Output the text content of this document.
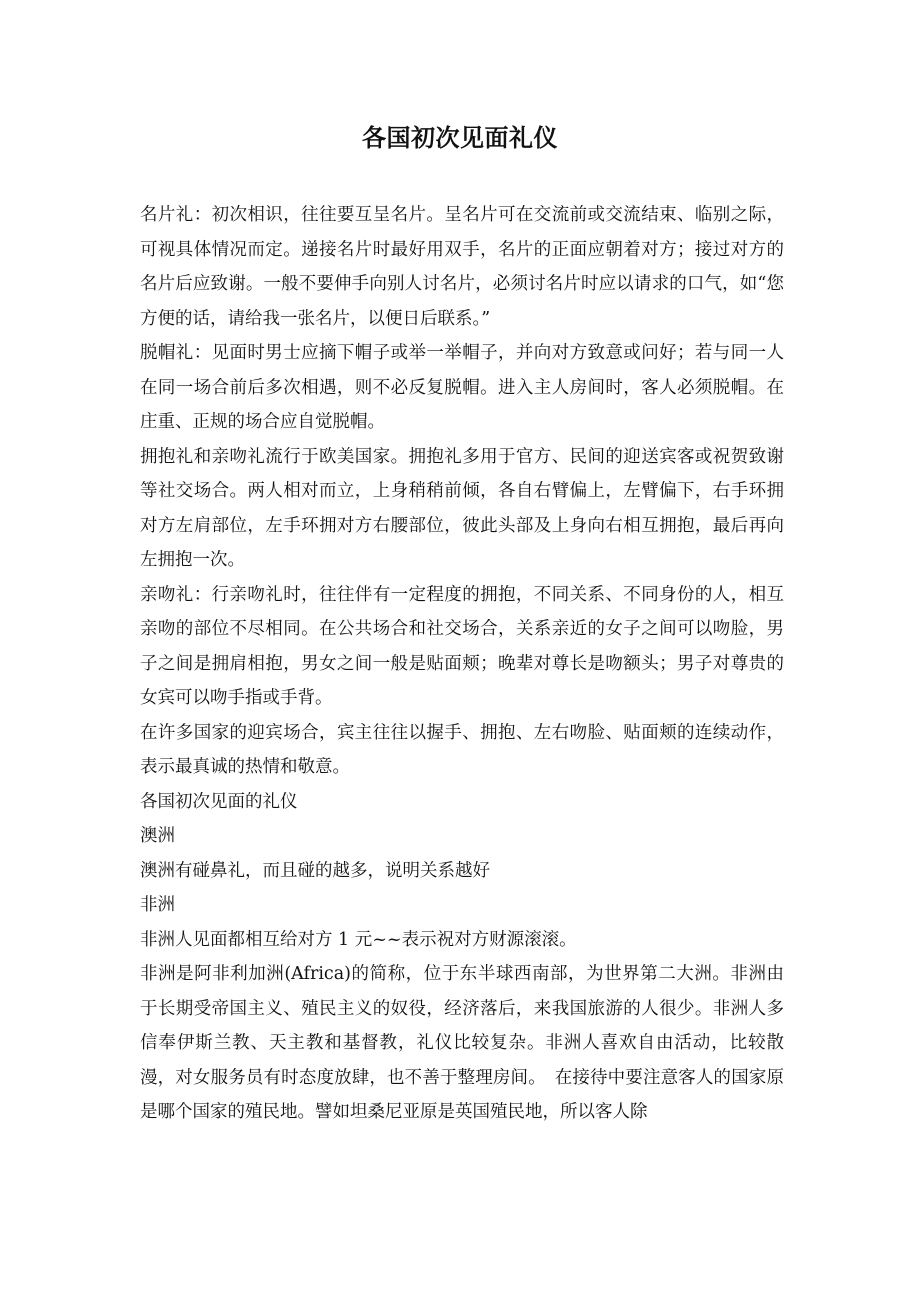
各国初次见面礼仪

名片礼：初次相识，往往要互呈名片。呈名片可在交流前或交流结束、临别之际，可视具体情况而定。递接名片时最好用双手，名片的正面应朝着对方；接过对方的名片后应致谢。一般不要伸手向别人讨名片，必须讨名片时应以请求的口气，如“您方便的话，请给我一张名片，以便日后联系。”

脱帽礼：见面时男士应摘下帽子或举一举帽子，并向对方致意或问好；若与同一人在同一场合前后多次相遇，则不必反复脱帽。进入主人房间时，客人必须脱帽。在庄重、正规的场合应自觉脱帽。

拥抱礼和亲吻礼流行于欧美国家。拥抱礼多用于官方、民间的迎送宾客或祝贺致谢等社交场合。两人相对而立，上身稍稍前倾，各自右臂偏上，左臂偏下，右手环拥对方左肩部位，左手环拥对方右腰部位，彼此头部及上身向右相互拥抱，最后再向左拥抱一次。

亲吻礼：行亲吻礼时，往往伴有一定程度的拥抱，不同关系、不同身份的人，相互亲吻的部位不尽相同。在公共场合和社交场合，关系亲近的女子之间可以吻脸，男子之间是拥肩相抱，男女之间一般是贴面颊；晚辈对尊长是吻额头；男子对尊贵的女宾可以吻手指或手背。

在许多国家的迎宾场合，宾主往往以握手、拥抱、左右吻脸、贴面颊的连续动作，表示最真诚的热情和敬意。

各国初次见面的礼仪

澳洲

澳洲有碰鼻礼，而且碰的越多，说明关系越好

非洲

非洲人见面都相互给对方 1 元~~表示祝对方财源滚滚。

非洲是阿非利加洲(Africa)的简称，位于东半球西南部，为世界第二大洲。非洲由于长期受帝国主义、殖民主义的奴役，经济落后，来我国旅游的人很少。非洲人多信奉伊斯兰教、天主教和基督教，礼仪比较复杂。非洲人喜欢自由活动，比较散漫，对女服务员有时态度放肆，也不善于整理房间。　在接待中要注意客人的国家原是哪个国家的殖民地。譬如坦桑尼亚原是英国殖民地，所以客人除
